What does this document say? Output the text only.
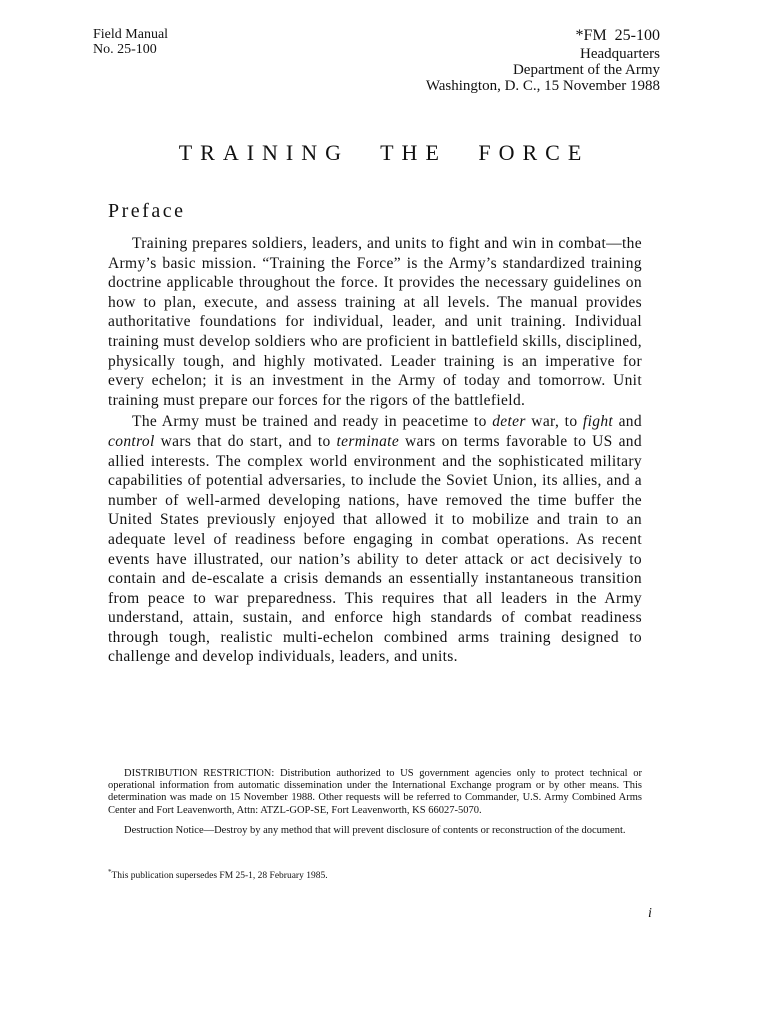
Field Manual
No. 25-100
*FM  25-100
Headquarters
Department of the Army
Washington, D. C., 15 November 1988
TRAINING THE FORCE
Preface

Training prepares soldiers, leaders, and units to fight and win in combat—the Army’s basic mission. “Training the Force” is the Army’s standardized training doctrine applicable throughout the force. It provides the necessary guidelines on how to plan, execute, and assess training at all levels. The manual provides authoritative foundations for individual, leader, and unit training. Individual training must develop soldiers who are proficient in battlefield skills, disciplined, physically tough, and highly motivated. Leader training is an imperative for every echelon; it is an investment in the Army of today and tomorrow. Unit training must prepare our forces for the rigors of the battlefield.

The Army must be trained and ready in peacetime to deter war, to fight and control wars that do start, and to terminate wars on terms favorable to US and allied interests. The complex world environment and the sophisticated military capabilities of potential adversaries, to include the Soviet Union, its allies, and a number of well-armed developing nations, have removed the time buffer the United States previously enjoyed that allowed it to mobilize and train to an adequate level of readiness before engaging in combat operations. As recent events have illustrated, our nation’s ability to deter attack or act decisively to contain and de-escalate a crisis demands an essentially instantaneous transition from peace to war preparedness. This requires that all leaders in the Army understand, attain, sustain, and enforce high standards of combat readiness through tough, realistic multi-echelon combined arms training designed to challenge and develop individuals, leaders, and units.

DISTRIBUTION RESTRICTION: Distribution authorized to US government agencies only to protect technical or operational information from automatic dissemination under the International Exchange program or by other means. This determination was made on 15 November 1988. Other requests will be referred to Commander, U.S. Army Combined Arms Center and Fort Leavenworth, Attn: ATZL-GOP-SE, Fort Leavenworth, KS 66027-5070.

Destruction Notice—Destroy by any method that will prevent disclosure of contents or reconstruction of the document.

*This publication supersedes FM 25-1, 28 February 1985.
i
